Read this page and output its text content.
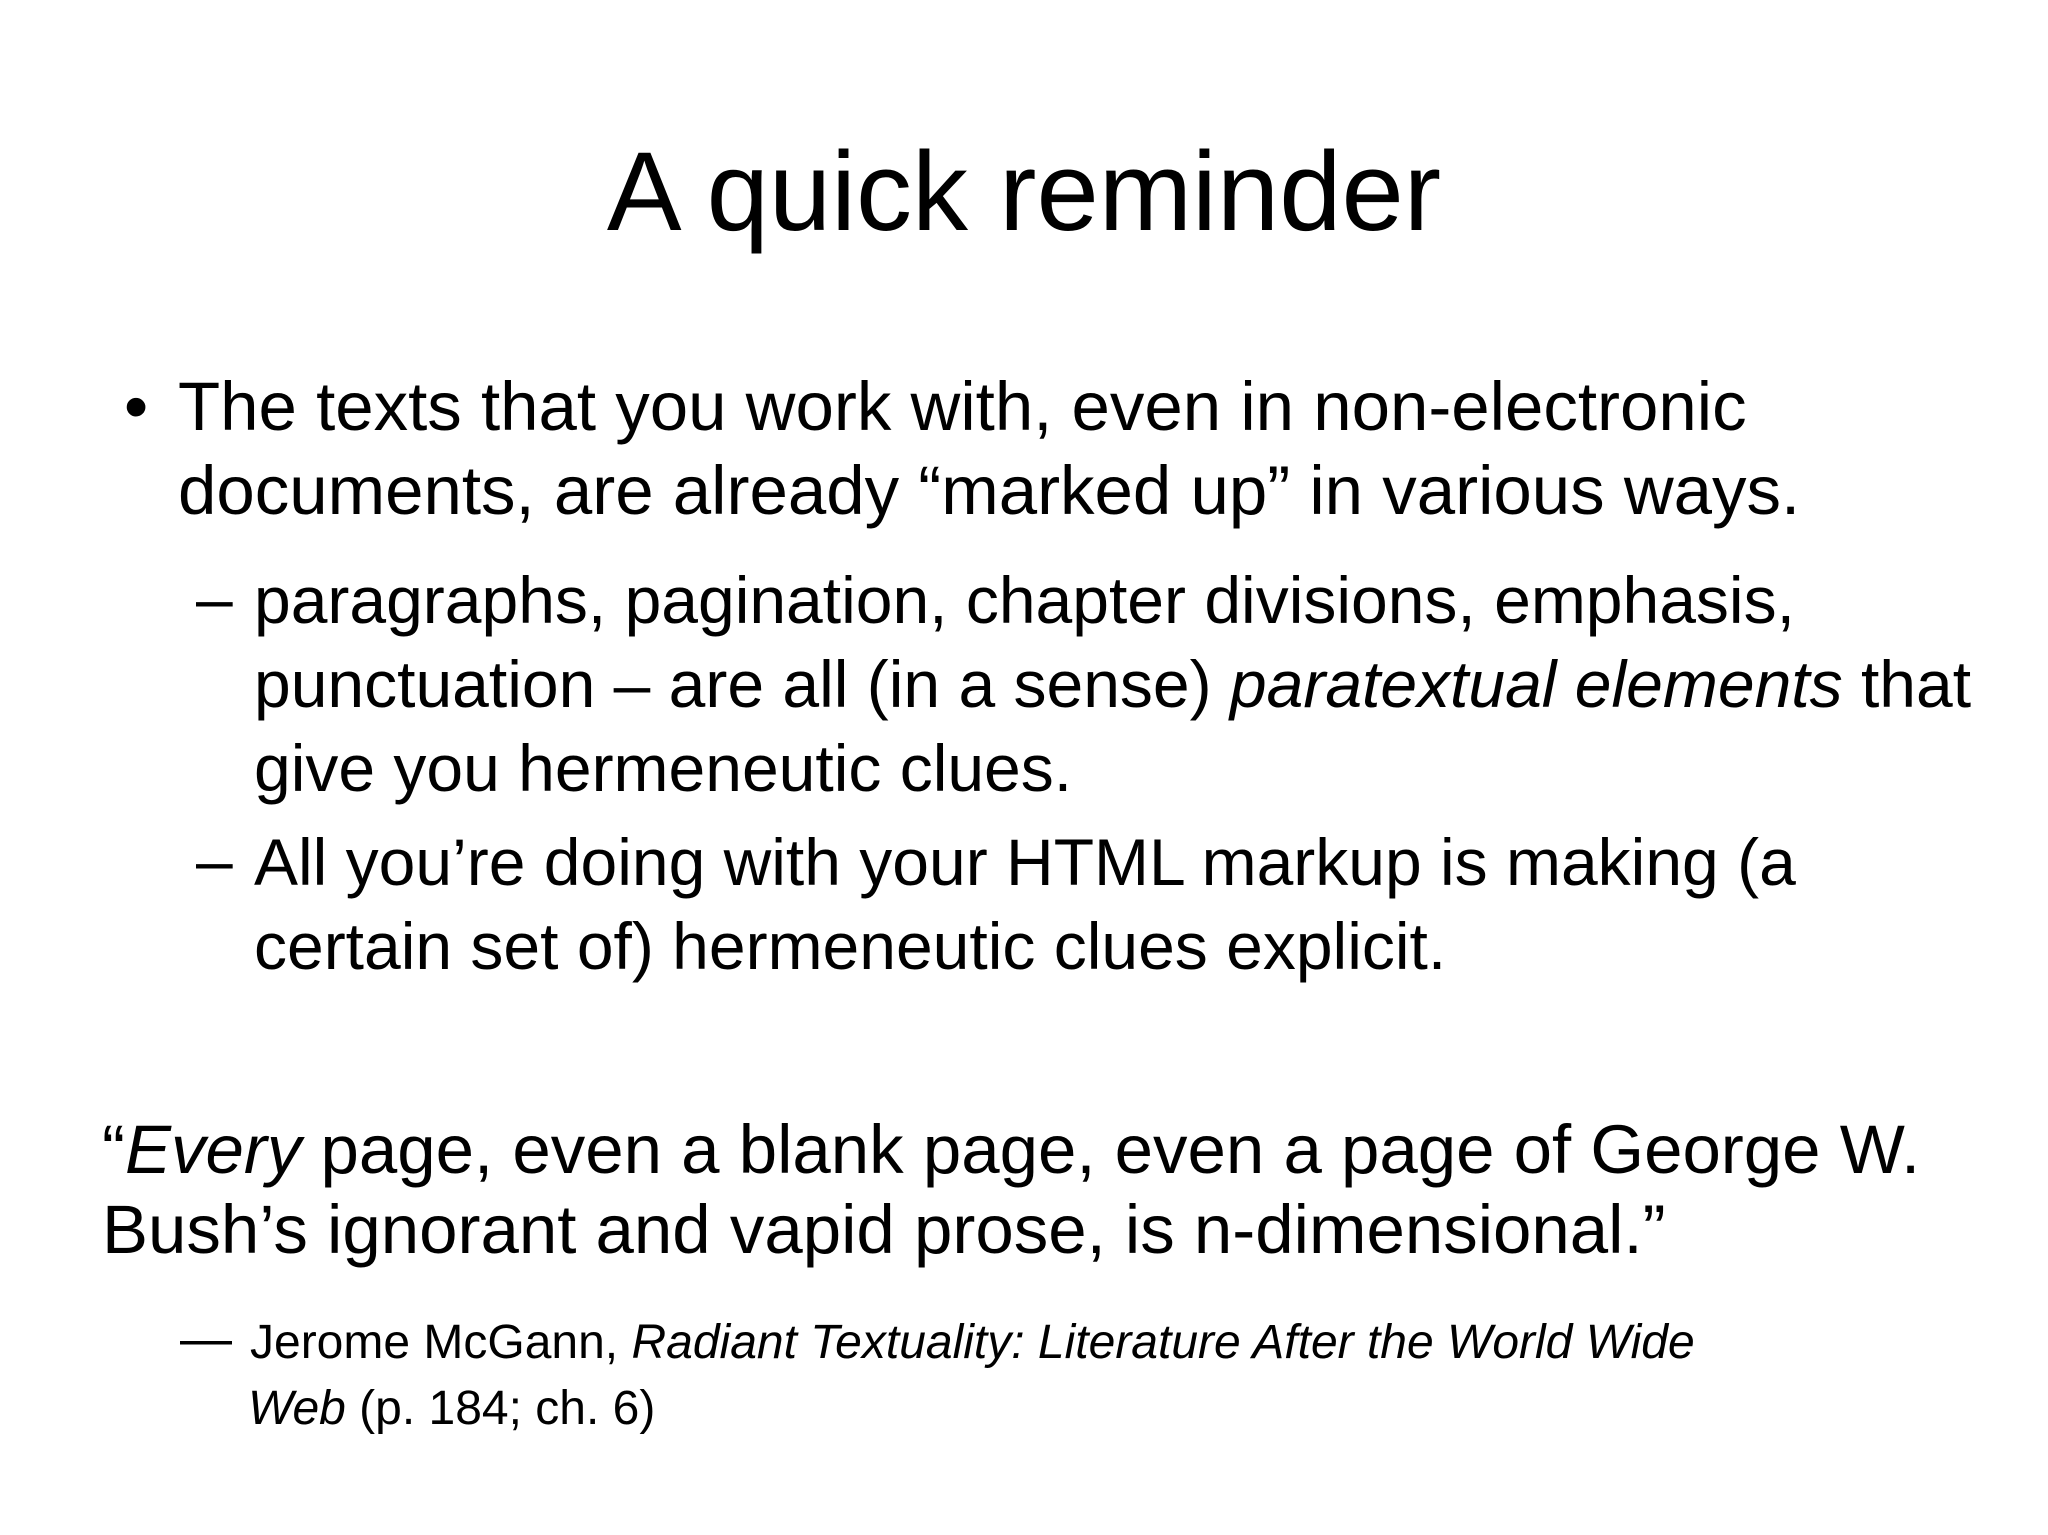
A quick reminder
• The texts that you work with, even in non-electronic documents, are already “marked up” in various ways.

– paragraphs, pagination, chapter divisions, emphasis, punctuation – are all (in a sense) paratextual elements that give you hermeneutic clues.

– All you’re doing with your HTML markup is making (a certain set of) hermeneutic clues explicit.

“Every page, even a blank page, even a page of George W. Bush’s ignorant and vapid prose, is n-dimensional.”

— Jerome McGann, Radiant Textuality: Literature After the World Wide

Web (p. 184; ch. 6)
